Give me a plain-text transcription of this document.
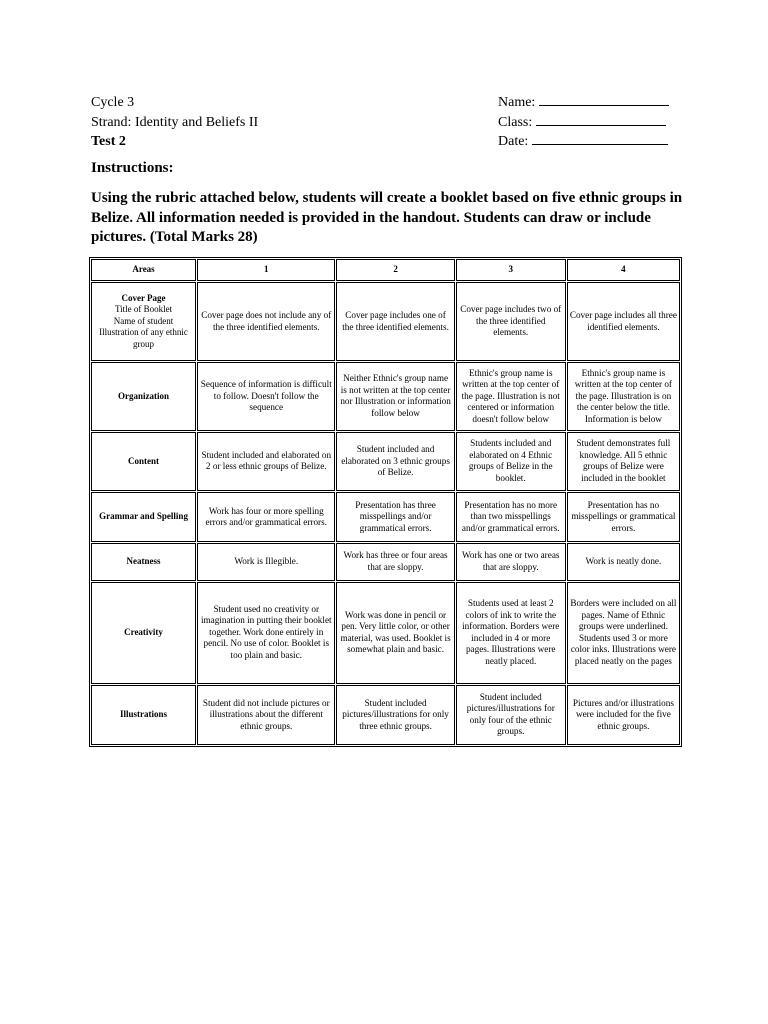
Cycle 3
Strand: Identity and Beliefs II
Test 2
Name:
Class:
Date:
Instructions:
Using the rubric attached below, students will create a booklet based on five ethnic groups in Belize. All information needed is provided in the handout. Students can draw or include pictures. (Total Marks 28)
Areas	1	2	3	4

Cover Page
Title of Booklet
Name of student
Illustration of any ethnic group	Cover page does not include any of the three identified elements.	Cover page includes one of the three identified elements.	Cover page includes two of the three identified elements.	Cover page includes all three identified elements.
Organization	Sequence of information is difficult to follow. Doesn't follow the sequence	Neither Ethnic's group name is not written at the top center nor Illustration or information follow below	Ethnic's group name is written at the top center of the page. Illustration is not centered or information doesn't follow below	Ethnic's group name is written at the top center of the page. Illustration is on the center below the title. Information is below
Content	Student included and elaborated on 2 or less ethnic groups of Belize.	Student included and elaborated on 3 ethnic groups of Belize.	Students included and elaborated on 4 Ethnic groups of Belize in the booklet.	Student demonstrates full knowledge. All 5 ethnic groups of Belize were included in the booklet
Grammar and Spelling	Work has four or more spelling errors and/or grammatical errors.	Presentation has three misspellings and/or grammatical errors.	Presentation has no more than two misspellings and/or grammatical errors.	Presentation has no misspellings or grammatical errors.
Neatness	Work is Illegible.	Work has three or four areas that are sloppy.	Work has one or two areas that are sloppy.	Work is neatly done.
Creativity	Student used no creativity or imagination in putting their booklet together. Work done entirely in pencil. No use of color. Booklet is too plain and basic.	Work was done in pencil or pen. Very little color, or other material, was used. Booklet is somewhat plain and basic.	Students used at least 2 colors of ink to write the information. Borders were included in 4 or more pages. Illustrations were neatly placed.	Borders were included on all pages. Name of Ethnic groups were underlined. Students used 3 or more color inks. Illustrations were placed neatly on the pages
Illustrations	Student did not include pictures or illustrations about the different ethnic groups.	Student included pictures/illustrations for only three ethnic groups.	Student included pictures/illustrations for only four of the ethnic groups.	Pictures and/or illustrations were included for the five ethnic groups.
